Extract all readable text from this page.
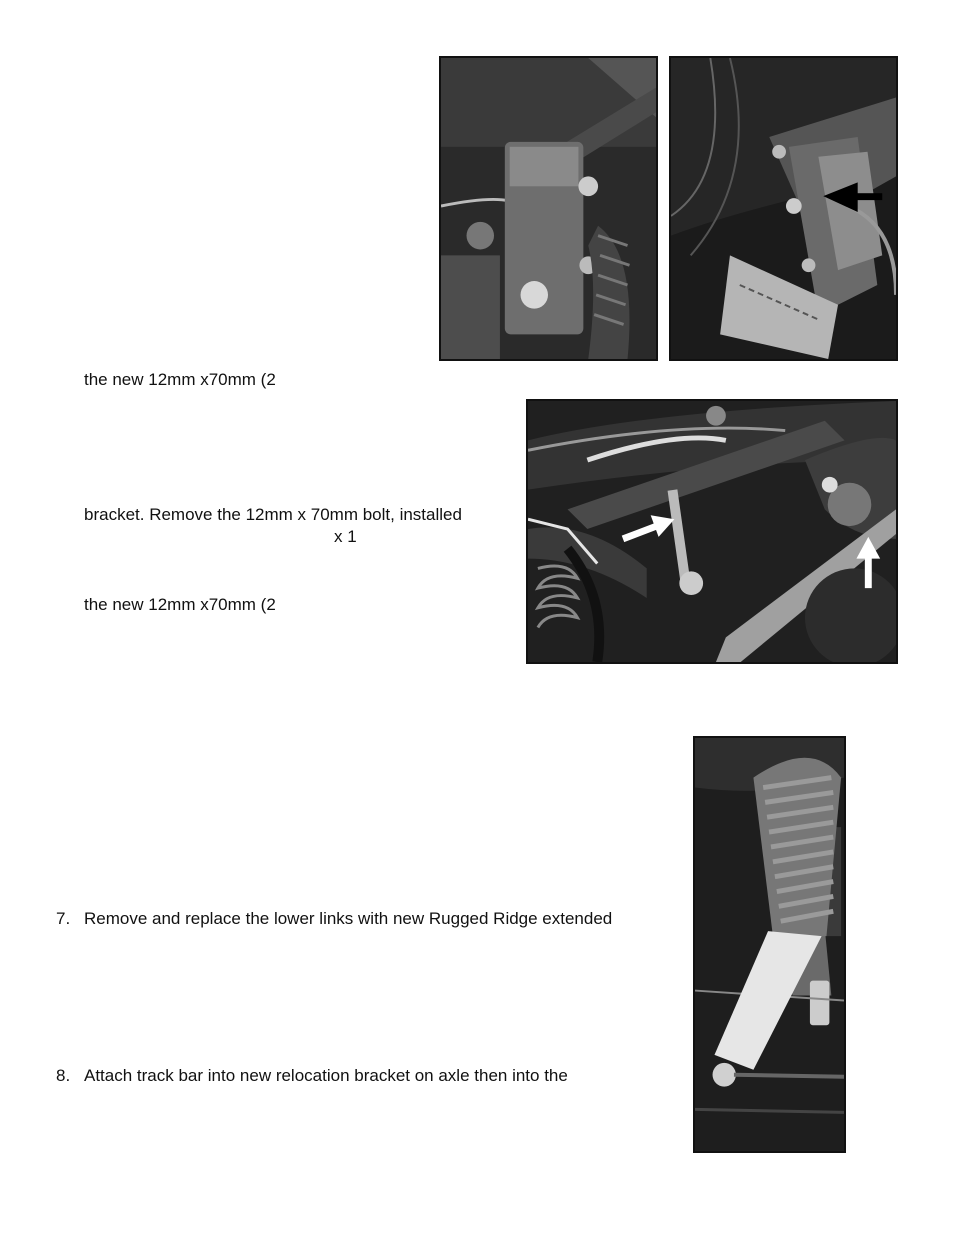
the new 12mm x70mm (2
bracket. Remove the 12mm x 70mm bolt, installed
x 1
the new 12mm x70mm (2
7. Remove and replace the lower links with new Rugged Ridge extended
8. Attach track bar into new relocation bracket on axle then into the
